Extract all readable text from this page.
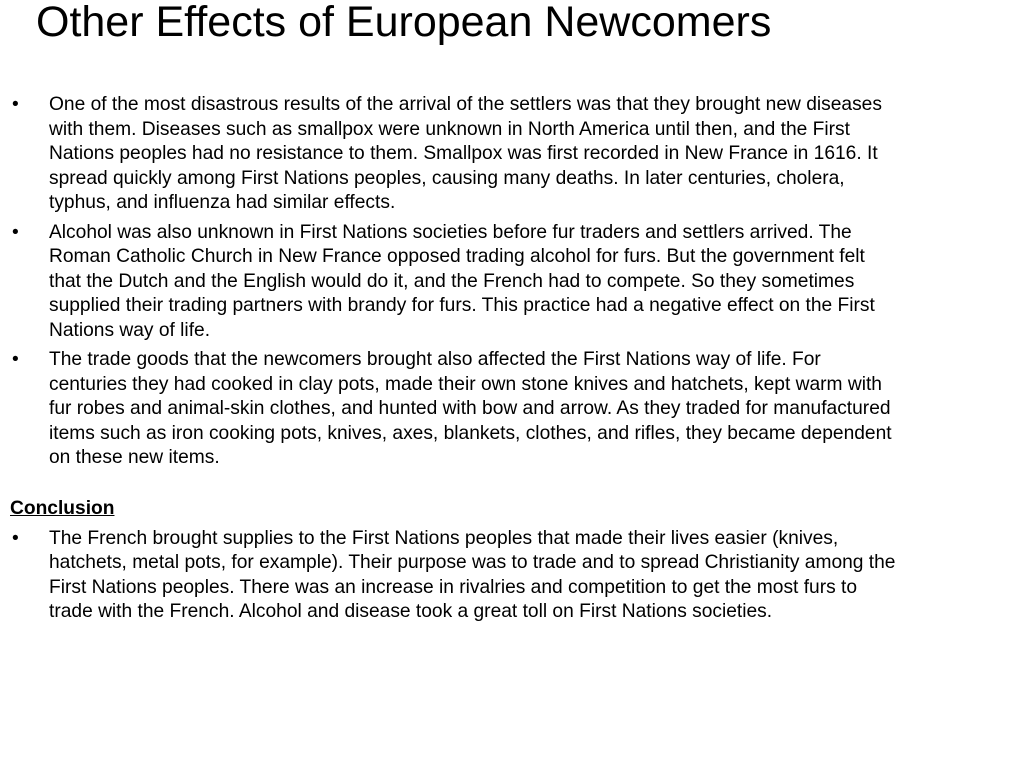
Other Effects of European Newcomers
•	One of the most disastrous results of the arrival of the settlers was that they brought new diseases with them. Diseases such as smallpox were unknown in North America until then, and the First Nations peoples had no resistance to them. Smallpox was first recorded in New France in 1616. It spread quickly among First Nations peoples, causing many deaths. In later centuries, cholera, typhus, and influenza had similar effects.
•	Alcohol was also unknown in First Nations societies before fur traders and settlers arrived. The Roman Catholic Church in New France opposed trading alcohol for furs. But the government felt that the Dutch and the English would do it, and the French had to compete. So they sometimes supplied their trading partners with brandy for furs. This practice had a negative effect on the First Nations way of life.
•	The trade goods that the newcomers brought also affected the First Nations way of life. For centuries they had cooked in clay pots, made their own stone knives and hatchets, kept warm with fur robes and animal-skin clothes, and hunted with bow and arrow. As they traded for manufactured items such as iron cooking pots, knives, axes, blankets, clothes, and rifles, they became dependent on these new items.
Conclusion
•	The French brought supplies to the First Nations peoples that made their lives easier (knives, hatchets, metal pots, for example). Their purpose was to trade and to spread Christianity among the First Nations peoples. There was an increase in rivalries and competition to get the most furs to trade with the French. Alcohol and disease took a great toll on First Nations societies.
